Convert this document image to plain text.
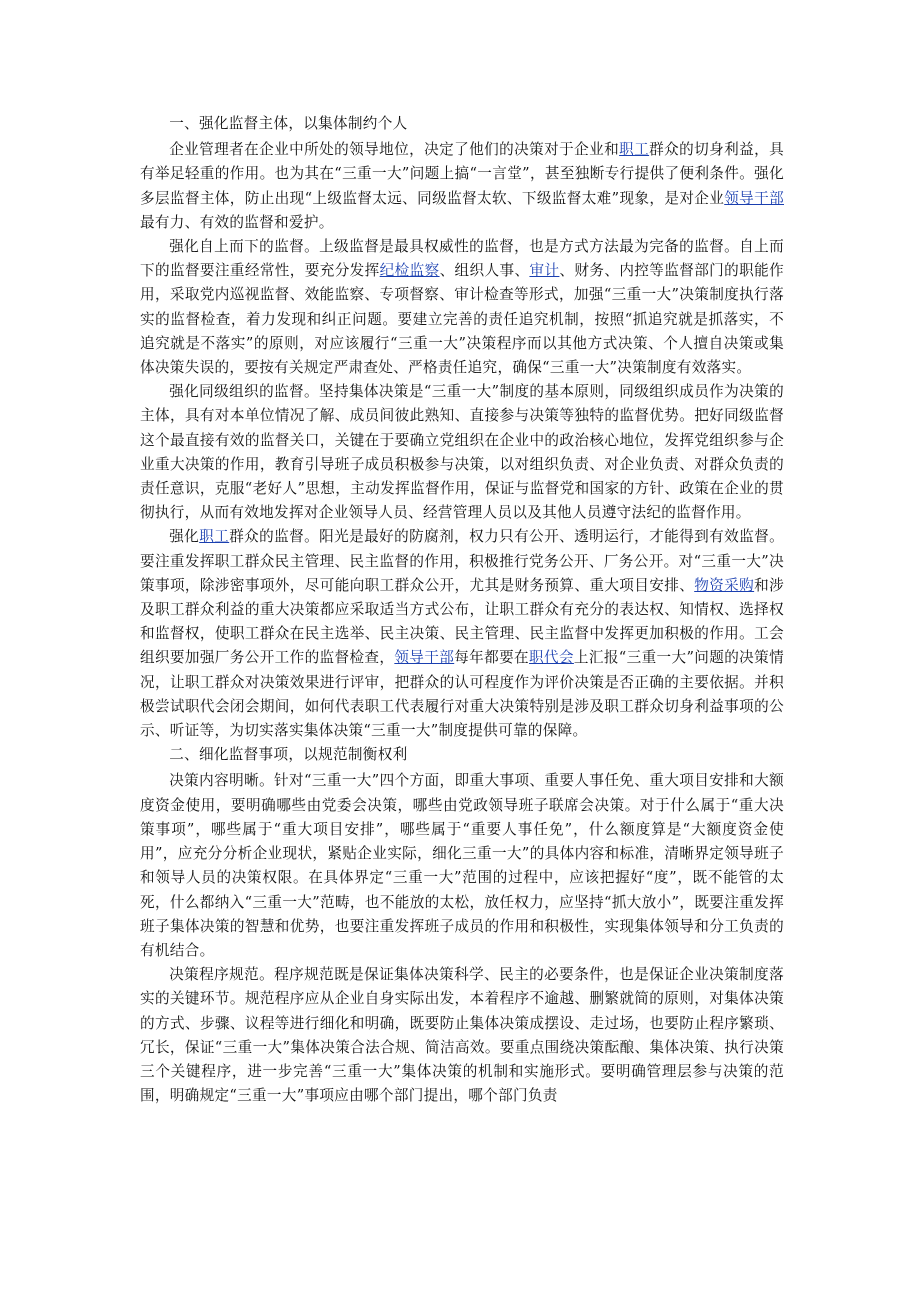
一、强化监督主体，以集体制约个人

企业管理者在企业中所处的领导地位，决定了他们的决策对于企业和职工群众的切身利益，具有举足轻重的作用。也为其在“三重一大”问题上搞“一言堂”，甚至独断专行提供了便利条件。强化多层监督主体，防止出现“上级监督太远、同级监督太软、下级监督太难”现象，是对企业领导干部最有力、有效的监督和爱护。

强化自上而下的监督。上级监督是最具权威性的监督，也是方式方法最为完备的监督。自上而下的监督要注重经常性，要充分发挥纪检监察、组织人事、审计、财务、内控等监督部门的职能作用，采取党内巡视监督、效能监察、专项督察、审计检查等形式，加强“三重一大”决策制度执行落实的监督检查，着力发现和纠正问题。要建立完善的责任追究机制，按照“抓追究就是抓落实，不追究就是不落实”的原则，对应该履行“三重一大”决策程序而以其他方式决策、个人擅自决策或集体决策失误的，要按有关规定严肃查处、严格责任追究，确保“三重一大”决策制度有效落实。

强化同级组织的监督。坚持集体决策是“三重一大”制度的基本原则，同级组织成员作为决策的主体，具有对本单位情况了解、成员间彼此熟知、直接参与决策等独特的监督优势。把好同级监督这个最直接有效的监督关口，关键在于要确立党组织在企业中的政治核心地位，发挥党组织参与企业重大决策的作用，教育引导班子成员积极参与决策，以对组织负责、对企业负责、对群众负责的责任意识，克服“老好人”思想，主动发挥监督作用，保证与监督党和国家的方针、政策在企业的贯彻执行，从而有效地发挥对企业领导人员、经营管理人员以及其他人员遵守法纪的监督作用。

强化职工群众的监督。阳光是最好的防腐剂，权力只有公开、透明运行，才能得到有效监督。要注重发挥职工群众民主管理、民主监督的作用，积极推行党务公开、厂务公开。对“三重一大”决策事项，除涉密事项外，尽可能向职工群众公开，尤其是财务预算、重大项目安排、物资采购和涉及职工群众利益的重大决策都应采取适当方式公布，让职工群众有充分的表达权、知情权、选择权和监督权，使职工群众在民主选举、民主决策、民主管理、民主监督中发挥更加积极的作用。工会组织要加强厂务公开工作的监督检查，领导干部每年都要在职代会上汇报“三重一大”问题的决策情况，让职工群众对决策效果进行评审，把群众的认可程度作为评价决策是否正确的主要依据。并积极尝试职代会闭会期间，如何代表职工代表履行对重大决策特别是涉及职工群众切身利益事项的公示、听证等，为切实落实集体决策“三重一大”制度提供可靠的保障。

二、细化监督事项，以规范制衡权利

决策内容明晰。针对“三重一大”四个方面，即重大事项、重要人事任免、重大项目安排和大额度资金使用，要明确哪些由党委会决策，哪些由党政领导班子联席会决策。对于什么属于“重大决策事项”，哪些属于“重大项目安排”，哪些属于“重要人事任免”，什么额度算是“大额度资金使用”，应充分分析企业现状，紧贴企业实际，细化三重一大”的具体内容和标准，清晰界定领导班子和领导人员的决策权限。在具体界定“三重一大”范围的过程中，应该把握好“度”，既不能管的太死，什么都纳入“三重一大”范畴，也不能放的太松，放任权力，应坚持“抓大放小”，既要注重发挥班子集体决策的智慧和优势，也要注重发挥班子成员的作用和积极性，实现集体领导和分工负责的有机结合。

决策程序规范。程序规范既是保证集体决策科学、民主的必要条件，也是保证企业决策制度落实的关键环节。规范程序应从企业自身实际出发，本着程序不逾越、删繁就简的原则，对集体决策的方式、步骤、议程等进行细化和明确，既要防止集体决策成摆设、走过场，也要防止程序繁琐、冗长，保证“三重一大”集体决策合法合规、简洁高效。要重点围绕决策酝酿、集体决策、执行决策三个关键程序，进一步完善“三重一大”集体决策的机制和实施形式。要明确管理层参与决策的范围，明确规定“三重一大”事项应由哪个部门提出，哪个部门负责
